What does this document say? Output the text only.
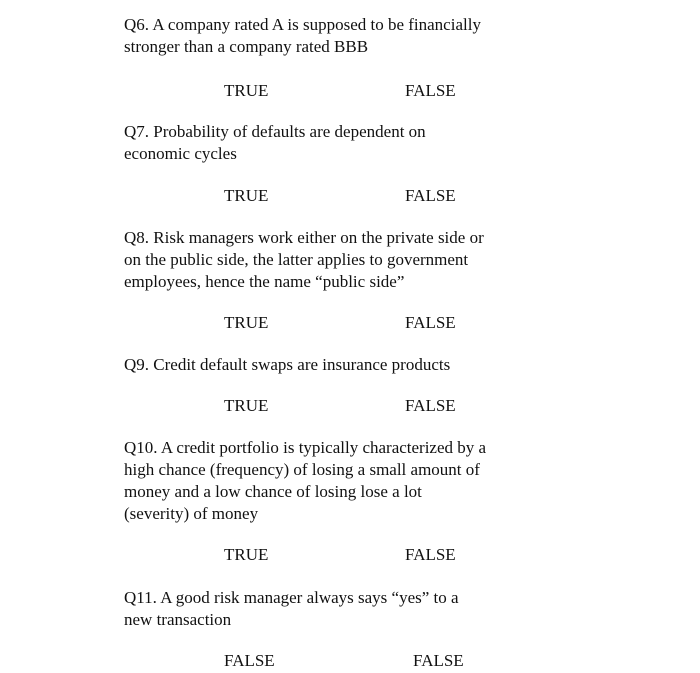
Q6. A company rated A is supposed to be financially
stronger than a company rated BBB
TRUE	FALSE
Q7. Probability of defaults are dependent on
economic cycles
TRUE	FALSE
Q8. Risk managers work either on the private side or
on the public side, the latter applies to government
employees, hence the name “public side”
TRUE	FALSE
Q9. Credit default swaps are insurance products
TRUE	FALSE
Q10. A credit portfolio is typically characterized by a
high chance (frequency) of losing a small amount of
money and a low chance of losing lose a lot
(severity) of money
TRUE	FALSE
Q11. A good risk manager always says “yes” to a
new transaction
FALSE	FALSE
